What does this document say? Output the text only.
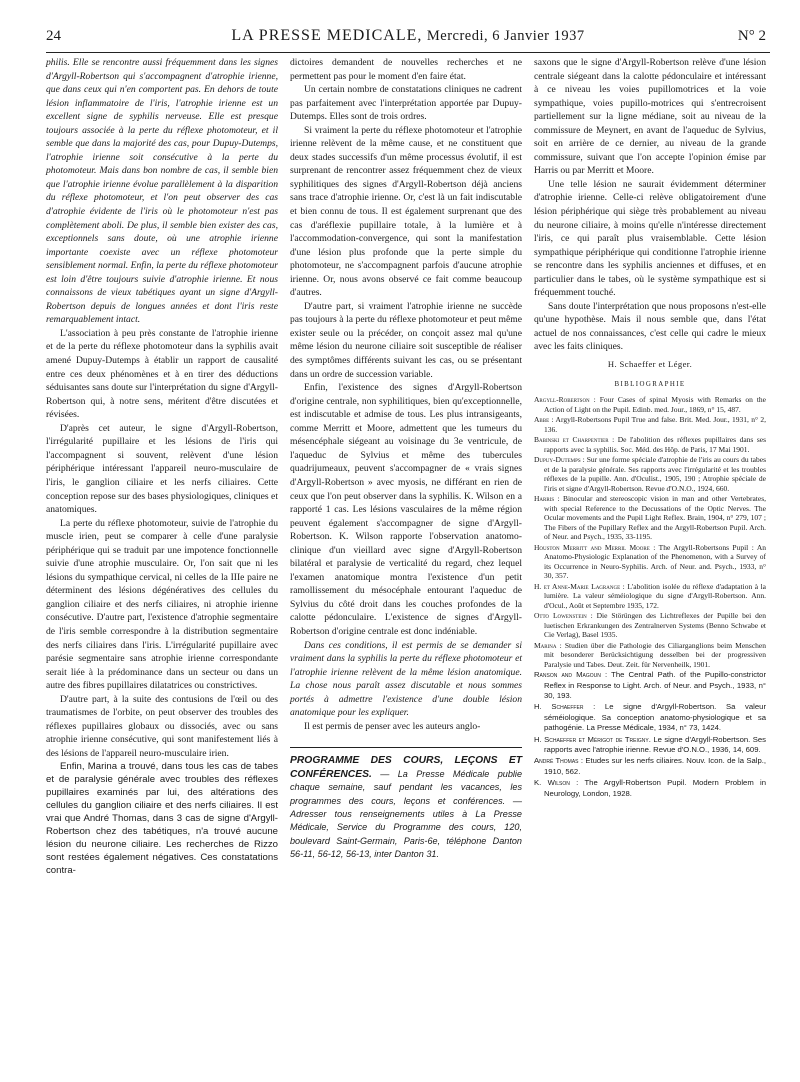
24	LA PRESSE MEDICALE, Mercredi, 6 Janvier 1937	N° 2

philis. Elle se rencontre aussi fréquemment dans les signes d'Argyll-Robertson qui s'accompagnent d'atrophie irienne, que dans ceux qui n'en comportent pas. En dehors de toute lésion inflammatoire de l'iris, l'atrophie irienne est un excellent signe de syphilis nerveuse. Elle est presque toujours associée à la perte du réflexe photomoteur, et il semble que dans la majorité des cas, pour Dupuy-Dutemps, l'atrophie irienne soit consécutive à la perte du photomoteur. Mais dans bon nombre de cas, il semble bien que l'atrophie irienne évolue parallèlement à la disparition du réflexe photomoteur, et l'on peut observer des cas d'atrophie évidente de l'iris où le photomoteur n'est pas complètement aboli. De plus, il semble bien exister des cas, exceptionnels sans doute, où une atrophie irienne importante coexiste avec un réflexe photomoteur sensiblement normal. Enfin, la perte du réflexe photomoteur est loin d'être toujours suivie d'atrophie irienne. Et nous connaissons de vieux tabétiques ayant un signe d'Argyll-Robertson depuis de longues années et dont l'iris reste remarquablement intact.

L'association à peu près constante de l'atrophie irienne et de la perte du réflexe photomoteur dans la syphilis avait amené Dupuy-Dutemps à établir un rapport de causalité entre ces deux phénomènes et à en tirer des déductions séduisantes sans doute sur l'interprétation du signe d'Argyll-Robertson qui, à notre sens, méritent d'être discutées et révisées.

D'après cet auteur, le signe d'Argyll-Robertson, l'irrégularité pupillaire et les lésions de l'iris qui l'accompagnent si souvent, relèvent d'une lésion périphérique intéressant l'appareil neuro-musculaire de l'iris, le ganglion ciliaire et les nerfs ciliaires. Cette conception repose sur des bases physiologiques, cliniques et anatomiques.

La perte du réflexe photomoteur, suivie de l'atrophie du muscle irien, peut se comparer à celle d'une paralysie périphérique qui se traduit par une impotence fonctionnelle suivie d'une atrophie musculaire. Or, l'on sait que ni les lésions du sympathique cervical, ni celles de la IIIe paire ne déterminent des lésions dégénératives des cellules du ganglion ciliaire et des nerfs ciliaires, ni atrophie irienne consécutive. D'autre part, l'existence d'atrophie segmentaire de l'iris semble correspondre à la distribution segmentaire des nerfs ciliaires dans l'iris. L'irrégularité pupillaire avec parésie segmentaire sans atrophie irienne correspondante serait liée à la prédominance dans un secteur ou dans un autre des fibres pupillaires dilatatrices ou constrictives.

D'autre part, à la suite des contusions de l'œil ou des traumatismes de l'orbite, on peut observer des troubles des réflexes pupillaires globaux ou dissociés, avec ou sans atrophie irienne consécutive, qui sont manifestement liés à des lésions de l'appareil neuro-musculaire irien.

Enfin, Marina a trouvé, dans tous les cas de tabes et de paralysie générale avec troubles des réflexes pupillaires examinés par lui, des altérations des cellules du ganglion ciliaire et des nerfs ciliaires. Il est vrai que André Thomas, dans 3 cas de signe d'Argyll-Robertson chez des tabétiques, n'a trouvé aucune lésion du neurone ciliaire. Les recherches de Rizzo sont restées également négatives. Ces constatations contra-

dictoires demandent de nouvelles recherches et ne permettent pas pour le moment d'en faire état.

Un certain nombre de constatations cliniques ne cadrent pas parfaitement avec l'interprétation apportée par Dupuy-Dutemps. Elles sont de trois ordres.

Si vraiment la perte du réflexe photomoteur et l'atrophie irienne relèvent de la même cause, et ne constituent que deux stades successifs d'un même processus évolutif, il est surprenant de rencontrer assez fréquemment chez de vieux syphilitiques des signes d'Argyll-Robertson déjà anciens sans trace d'atrophie irienne. Or, c'est là un fait indiscutable et bien connu de tous. Il est également surprenant que des cas d'aréflexie pupillaire totale, à la lumière et à l'accommodation-convergence, qui sont la manifestation d'une lésion plus profonde que la perte simple du photomoteur, ne s'accompagnent parfois d'aucune atrophie irienne. Or, nous avons observé ce fait comme beaucoup d'autres.

D'autre part, si vraiment l'atrophie irienne ne succède pas toujours à la perte du réflexe photomoteur et peut même exister seule ou la précéder, on conçoit assez mal qu'une même lésion du neurone ciliaire soit susceptible de réaliser des symptômes différents suivant les cas, ou se présentant dans un ordre de succession variable.

Enfin, l'existence des signes d'Argyll-Robertson d'origine centrale, non syphilitiques, bien qu'exceptionnelle, est indiscutable et admise de tous. Les plus intransigeants, comme Merritt et Moore, admettent que les tumeurs du mésencéphale siégeant au voisinage du 3e ventricule, de l'aqueduc de Sylvius et même des tubercules quadrijumeaux, peuvent s'accompagner de « vrais signes d'Argyll-Robertson » avec myosis, ne différant en rien de ceux que l'on peut observer dans la syphilis. K. Wilson en a rapporté 1 cas. Les lésions vasculaires de la même région peuvent également s'accompagner de signe d'Argyll-Robertson. K. Wilson rapporte l'observation anatomo-clinique d'un vieillard avec signe d'Argyll-Robertson bilatéral et paralysie de verticalité du regard, chez lequel l'examen anatomique montra l'existence d'un petit ramollissement du mésocéphale entourant l'aqueduc de Sylvius du côté droit dans les couches profondes de la calotte pédonculaire. L'existence de signes d'Argyll-Robertson d'origine centrale est donc indéniable.

Dans ces conditions, il est permis de se demander si vraiment dans la syphilis la perte du réflexe photomoteur et l'atrophie irienne relèvent de la même lésion anatomique. La chose nous paraît assez discutable et nous sommes portés à admettre l'existence d'une double lésion anatomique pour les expliquer.

Il est permis de penser avec les auteurs anglo-

PROGRAMME DES COURS, LEÇONS ET CONFÉRENCES. — La Presse Médicale publie chaque semaine, sauf pendant les vacances, les programmes des cours, leçons et conférences. — Adresser tous renseignements utiles à La Presse Médicale, Service du Programme des cours, 120, boulevard Saint-Germain, Paris-6e, téléphone Danton 56-11, 56-12, 56-13, inter Danton 31.

saxons que le signe d'Argyll-Robertson relève d'une lésion centrale siégeant dans la calotte pédonculaire et intéressant à ce niveau les voies pupillomotrices et la voie sympathique, voies pupillo-motrices qui s'entrecroisent partiellement sur la ligne médiane, soit au niveau de la commissure de Meynert, en avant de l'aqueduc de Sylvius, soit en arrière de ce dernier, au niveau de la grande commissure, suivant que l'on accepte l'opinion émise par Harris ou par Merritt et Moore.

Une telle lésion ne saurait évidemment déterminer d'atrophie irienne. Celle-ci relève obligatoirement d'une lésion périphérique qui siège très probablement au niveau du neurone ciliaire, à moins qu'elle n'intéresse directement l'iris, ce qui paraît plus vraisemblable. Cette lésion sympathique périphérique qui conditionne l'atrophie irienne se rencontre dans les syphilis anciennes et diffuses, et en particulier dans le tabes, où le système sympathique est si fréquemment touché.

Sans doute l'interprétation que nous proposons n'est-elle qu'une hypothèse. Mais il nous semble que, dans l'état actuel de nos connaissances, c'est celle qui cadre le mieux avec les faits cliniques.

H. Schaeffer et Léger.

BIBLIOGRAPHIE

Argyll-Robertson : Four Cases of spinal Myosis with Remarks on the Action of Light on the Pupil. Edinb. med. Jour., 1869, n° 15, 487.

Abbe : Argyll-Robertsons Pupil True and false. Brit. Med. Jour., 1931, n° 2, 136.

Babinski et Charpentier : De l'abolition des réflexes pupillaires dans ses rapports avec la syphilis. Soc. Méd. des Hôp. de Paris, 17 Mai 1901.

Dupuy-Dutemps : Sur une forme spéciale d'atrophie de l'iris au cours du tabes et de la paralysie générale. Ses rapports avec l'irrégularité et les troubles réflexes de la pupille. Ann. d'Oculist., 1905, 190 ; Atrophie spéciale de l'iris et signe d'Argyll-Robertson. Revue d'O.N.O., 1924, 660.

Harris : Binocular and stereoscopic vision in man and other Vertebrates, with special Reference to the Decussations of the Optic Nerves. The Ocular movements and the Pupil Light Reflex. Brain, 1904, n° 279, 107 ; The Fibers of the Pupillary Reflex and the Argyll-Robertson Pupil. Arch. of Neur. and Psych., 1935, 33-1195.

Houston Merritt and Merril Moore : The Argyll-Robertsons Pupil : An Anatomo-Physiologic Explanation of the Phenomenon, with a Survey of its Occurrence in Neuro-Syphilis. Arch. of Neur. and. Psych., 1933, n° 30, 357.

H. et Anne-Marie Lagrange : L'abolition isolée du réflexe d'adaptation à la lumière. La valeur séméiologique du signe d'Argyll-Robertson. Ann. d'Ocul., Août et Septembre 1935, 172.

Otto Lowenstein : Die Störüngen des Lichtreflexes der Pupille bei den luetischen Erkrankungen des Zentralnerven Systems (Benno Schwabe et Cie Verlag), Basel 1935.

Marina : Studien über die Pathologie des Ciliarganglions beim Menschen mit besonderer Berücksichtigung desselben bei der progressiven Paralysie und Tabes. Deut. Zeit. für Nervenheilk, 1901.

Ranson and Magoun : The Central Path. of the Pupillo-constrictor Reflex in Response to Light. Arch. of Neur. and Psych., 1933, n° 30, 193.

H. Schaeffer : Le signe d'Argyll-Robertson. Sa valeur séméiologique. Sa conception anatomo-physiologique et sa pathogénie. La Presse Médicale, 1934, n° 73, 1424.

H. Schaeffer et Mérigot de Treigny. Le signe d'Argyll-Robertson. Ses rapports avec l'atrophie irienne. Revue d'O.N.O., 1936, 14, 609.

André Thomas : Etudes sur les nerfs ciliaires. Nouv. Icon. de la Salp., 1910, 562.

K. Wilson : The Argyll-Robertson Pupil. Modern Problem in Neurology, London, 1928.
